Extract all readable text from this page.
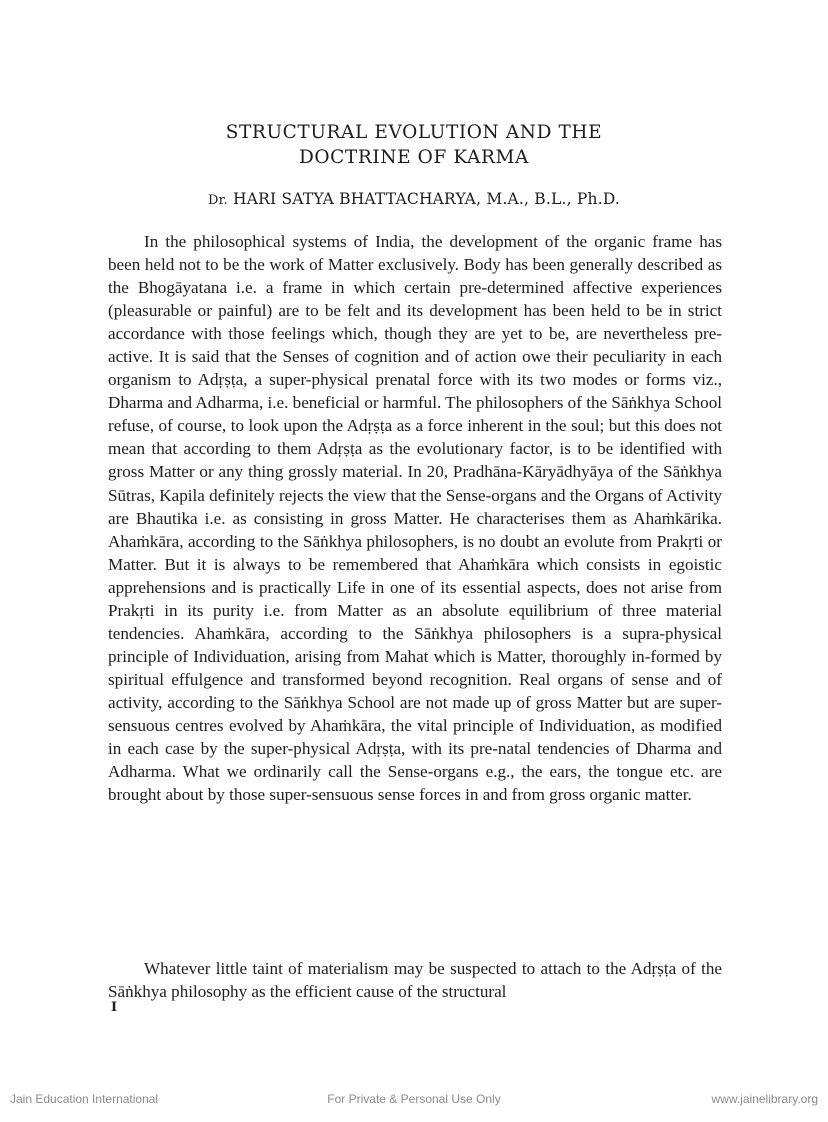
STRUCTURAL EVOLUTION AND THE
DOCTRINE OF KARMA
Dr. HARI SATYA BHATTACHARYA, M.A., B.L., Ph.D.

In the philosophical systems of India, the development of the organic frame has been held not to be the work of Matter exclusively. Body has been generally described as the Bhogāyatana i.e. a frame in which certain pre-determined affective experiences (pleasurable or painful) are to be felt and its development has been held to be in strict accordance with those feelings which, though they are yet to be, are nevertheless pre-active. It is said that the Senses of cognition and of action owe their peculiarity in each organism to Adṛṣṭa, a super-physical prenatal force with its two modes or forms viz., Dharma and Adharma, i.e. beneficial or harmful. The philosophers of the Sāṅkhya School refuse, of course, to look upon the Adṛṣṭa as a force inherent in the soul; but this does not mean that according to them Adṛṣṭa as the evolutionary factor, is to be identified with gross Matter or any thing grossly material. In 20, Pradhāna-Kāryādhyāya of the Sāṅkhya Sūtras, Kapila definitely rejects the view that the Sense-organs and the Organs of Activity are Bhautika i.e. as consisting in gross Matter. He characterises them as Ahaṁkārika. Ahaṁkāra, according to the Sāṅkhya philosophers, is no doubt an evolute from Prakṛti or Matter. But it is always to be remembered that Ahaṁkāra which consists in egoistic apprehensions and is practically Life in one of its essential aspects, does not arise from Prakṛti in its purity i.e. from Matter as an absolute equilibrium of three material tendencies. Ahaṁkāra, according to the Sāṅkhya philosophers is a supra-physical principle of Individuation, arising from Mahat which is Matter, thoroughly in-formed by spiritual effulgence and transformed beyond recognition. Real organs of sense and of activity, according to the Sāṅkhya School are not made up of gross Matter but are super-sensuous centres evolved by Ahaṁkāra, the vital principle of Individuation, as modified in each case by the super-physical Adṛṣṭa, with its pre-natal tendencies of Dharma and Adharma. What we ordinarily call the Sense-organs e.g., the ears, the tongue etc. are brought about by those super-sensuous sense forces in and from gross organic matter.

Whatever little taint of materialism may be suspected to attach to the Adṛṣṭa of the Sāṅkhya philosophy as the efficient cause of the structural

I
Jain Education International	For Private & Personal Use Only	www.jainelibrary.org
